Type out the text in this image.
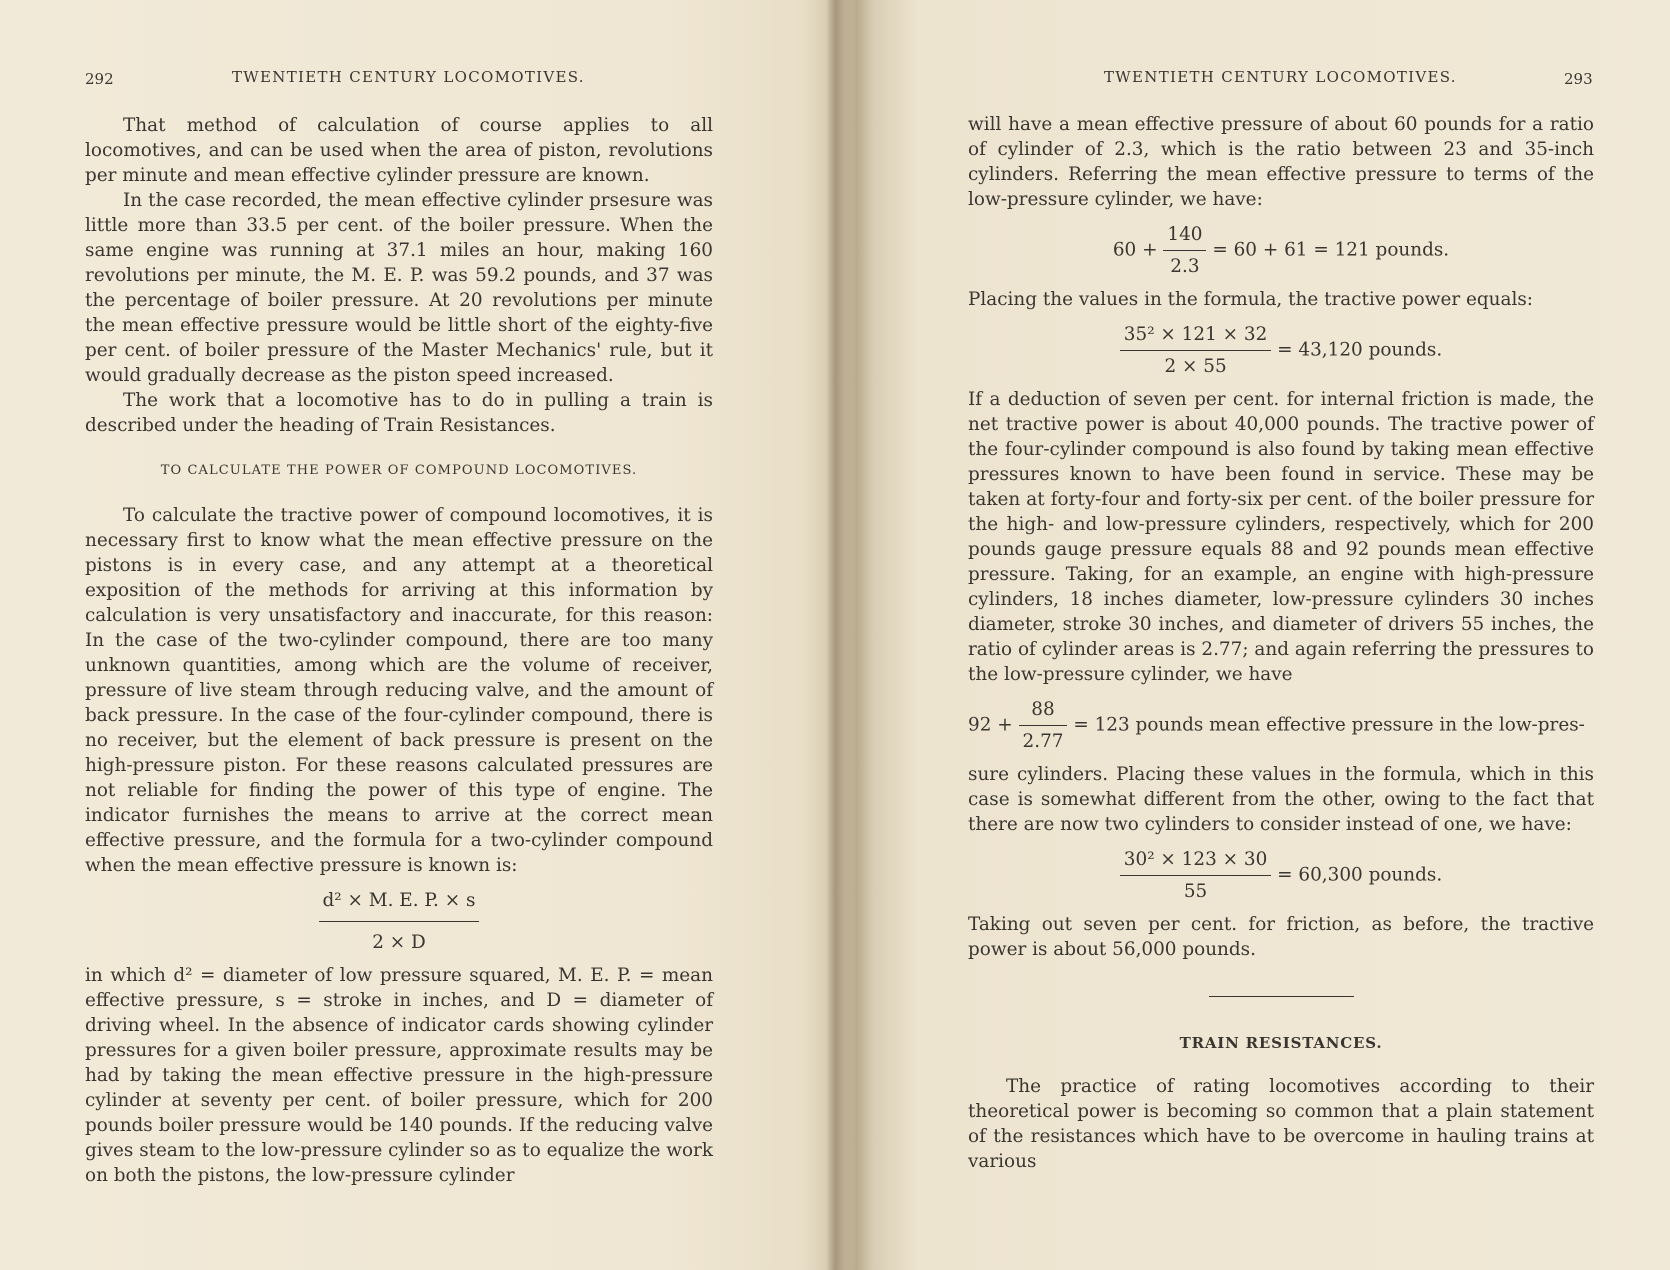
292	TWENTIETH CENTURY LOCOMOTIVES.

That method of calculation of course applies to all locomotives, and can be used when the area of piston, revolutions per minute and mean effective cylinder pressure are known.

In the case recorded, the mean effective cylinder prsesure was little more than 33.5 per cent. of the boiler pressure. When the same engine was running at 37.1 miles an hour, making 160 revolutions per minute, the M. E. P. was 59.2 pounds, and 37 was the percentage of boiler pressure. At 20 revolutions per minute the mean effective pressure would be little short of the eighty-five per cent. of boiler pressure of the Master Mechanics' rule, but it would gradually decrease as the piston speed increased.

The work that a locomotive has to do in pulling a train is described under the heading of Train Resistances.

TO CALCULATE THE POWER OF COMPOUND LOCOMOTIVES.

To calculate the tractive power of compound locomotives, it is necessary first to know what the mean effective pressure on the pistons is in every case, and any attempt at a theoretical exposition of the methods for arriving at this information by calculation is very unsatisfactory and inaccurate, for this reason: In the case of the two-cylinder compound, there are too many unknown quantities, among which are the volume of receiver, pressure of live steam through reducing valve, and the amount of back pressure. In the case of the four-cylinder compound, there is no receiver, but the element of back pressure is present on the high-pressure piston. For these reasons calculated pressures are not reliable for finding the power of this type of engine. The indicator furnishes the means to arrive at the correct mean effective pressure, and the formula for a two-cylinder compound when the mean effective pressure is known is:

$\frac{\text{d² × M. E. P. × s}}{2 \times D}$

in which d² = diameter of low pressure squared, M. E. P. = mean effective pressure, s = stroke in inches, and D = diameter of driving wheel. In the absence of indicator cards showing cylinder pressures for a given boiler pressure, approximate results may be had by taking the mean effective pressure in the high-pressure cylinder at seventy per cent. of boiler pressure, which for 200 pounds boiler pressure would be 140 pounds. If the reducing valve gives steam to the low-pressure cylinder so as to equalize the work on both the pistons, the low-pressure cylinder

TWENTIETH CENTURY LOCOMOTIVES.	293

will have a mean effective pressure of about 60 pounds for a ratio of cylinder of 2.3, which is the ratio between 23 and 35-inch cylinders. Referring the mean effective pressure to terms of the low-pressure cylinder, we have:

$60 + \frac{140}{2.3} = 60 + 61 = 121$ pounds.

Placing the values in the formula, the tractive power equals:

$\frac{\text{35² × 121 × 32}}{2 \times 55} = 43,120$ pounds.

If a deduction of seven per cent. for internal friction is made, the net tractive power is about 40,000 pounds. The tractive power of the four-cylinder compound is also found by taking mean effective pressures known to have been found in service. These may be taken at forty-four and forty-six per cent. of the boiler pressure for the high- and low-pressure cylinders, respectively, which for 200 pounds gauge pressure equals 88 and 92 pounds mean effective pressure. Taking, for an example, an engine with high-pressure cylinders, 18 inches diameter, low-pressure cylinders 30 inches diameter, stroke 30 inches, and diameter of drivers 55 inches, the ratio of cylinder areas is 2.77; and again referring the pressures to the low-pressure cylinder, we have

$92 + \frac{88}{2.77} = 123$ pounds mean effective pressure in the low-pres-

sure cylinders. Placing these values in the formula, which in this case is somewhat different from the other, owing to the fact that there are now two cylinders to consider instead of one, we have:

$\frac{\text{30² × 123 × 30}}{55} = 60,300$ pounds.

Taking out seven per cent. for friction, as before, the tractive power is about 56,000 pounds.

TRAIN RESISTANCES.

The practice of rating locomotives according to their theoretical power is becoming so common that a plain statement of the resistances which have to be overcome in hauling trains at various
